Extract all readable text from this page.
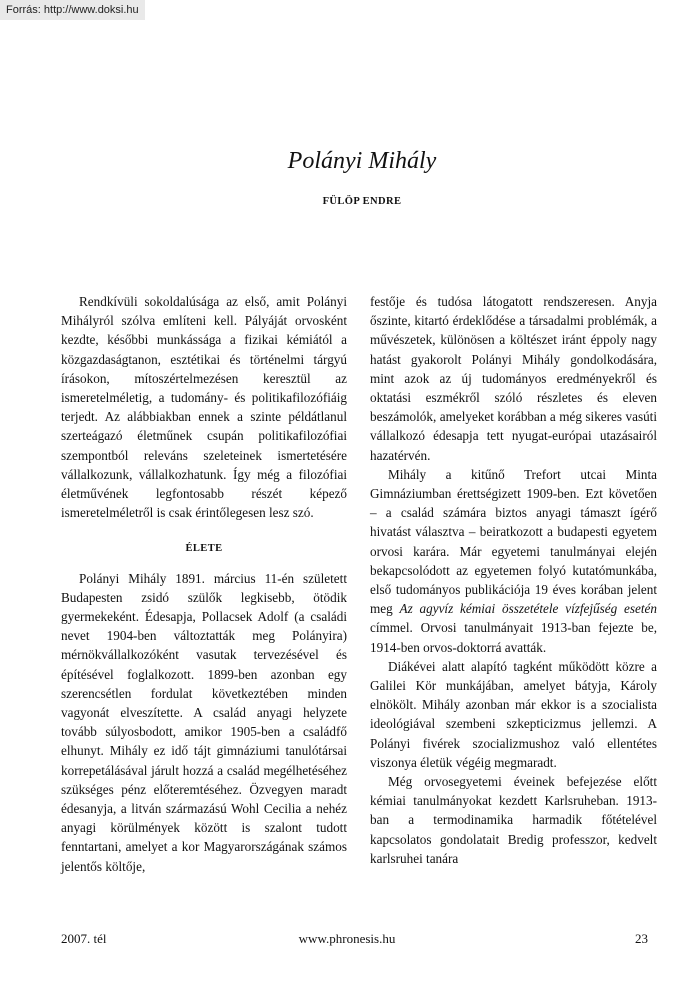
Forrás: http://www.doksi.hu
Polányi Mihály
FÜLÖP ENDRE

Rendkívüli sokoldalúsága az első, amit Polányi Mihályról szólva említeni kell. Pályáját orvosként kezdte, későbbi munkássága a fizikai kémiától a közgazdaságtanon, esztétikai és történelmi tárgyú írásokon, mítoszértelmezésen keresztül az ismeretelméletig, a tudomány- és politikafilozófiáig terjedt. Az alábbiakban ennek a szinte példátlanul szerteágazó életműnek csupán politikafilozófiai szempontból releváns szeleteinek ismertetésére vállalkozunk, vállalkozhatunk. Így még a filozófiai életművének legfontosabb részét képező ismeretelméletről is csak érintőlegesen lesz szó.

ÉLETE

Polányi Mihály 1891. március 11-én született Budapesten zsidó szülők legkisebb, ötödik gyermekeként. Édesapja, Pollacsek Adolf (a családi nevet 1904-ben változtatták meg Polányira) mérnökvállalkozóként vasutak tervezésével és építésével foglalkozott. 1899-ben azonban egy szerencsétlen fordulat következtében minden vagyonát elveszítette. A család anyagi helyzete tovább súlyosbodott, amikor 1905-ben a családfő elhunyt. Mihály ez idő tájt gimnáziumi tanulótársai korrepetálásával járult hozzá a család megélhetéséhez szükséges pénz előteremtéséhez. Özvegyen maradt édesanyja, a litván származású Wohl Cecilia a nehéz anyagi körülmények között is szalont tudott fenntartani, amelyet a kor Magyarországának számos jelentős költője,

festője és tudósa látogatott rendszeresen. Anyja őszinte, kitartó érdeklődése a társadalmi problémák, a művészetek, különösen a költészet iránt éppoly nagy hatást gyakorolt Polányi Mihály gondolkodására, mint azok az új tudományos eredményekről és oktatási eszmékről szóló részletes és eleven beszámolók, amelyeket korábban a még sikeres vasúti vállalkozó édesapja tett nyugat-európai utazásairól hazatérvén.

Mihály a kitűnő Trefort utcai Minta Gimnáziumban érettségizett 1909-ben. Ezt követően – a család számára biztos anyagi támaszt ígérő hivatást választva – beiratkozott a budapesti egyetem orvosi karára. Már egyetemi tanulmányai elején bekapcsolódott az egyetemen folyó kutatómunkába, első tudományos publikációja 19 éves korában jelent meg Az agyvíz kémiai összetétele vízfejűség esetén címmel. Orvosi tanulmányait 1913-ban fejezte be, 1914-ben orvos-doktorrá avatták.

Diákévei alatt alapító tagként működött közre a Galilei Kör munkájában, amelyet bátyja, Károly elnökölt. Mihály azonban már ekkor is a szocialista ideológiával szembeni szkepticizmus jellemzi. A Polányi fivérek szocializmushoz való ellentétes viszonya életük végéig megmaradt.

Még orvosegyetemi éveinek befejezése előtt kémiai tanulmányokat kezdett Karlsruheban. 1913-ban a termodinamika harmadik főtételével kapcsolatos gondolatait Bredig professzor, kedvelt karlsruhei tanára

2007. tél	www.phronesis.hu	23
